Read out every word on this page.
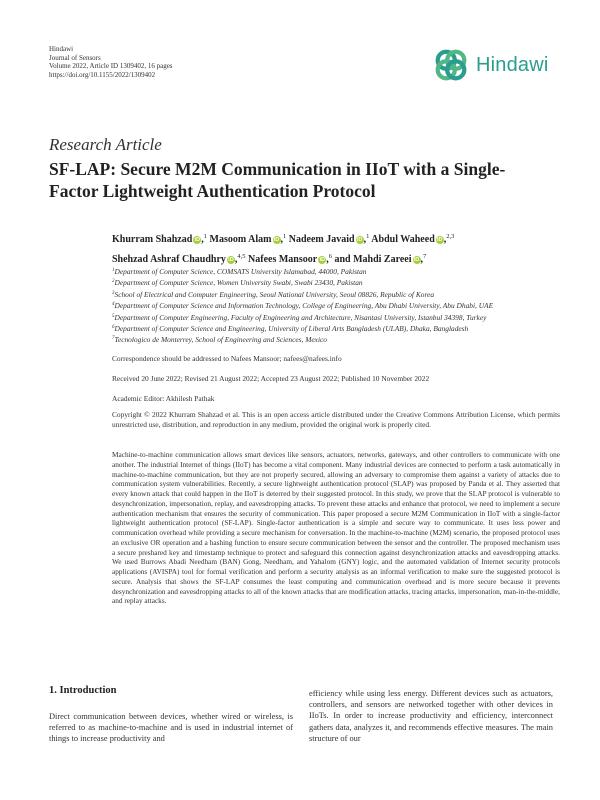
Hindawi
Journal of Sensors
Volume 2022, Article ID 1309402, 16 pages
https://doi.org/10.1155/2022/1309402	Hindawi
Research Article
SF-LAP: Secure M2M Communication in IIoT with a Single-Factor Lightweight Authentication Protocol
Khurram Shahzad iD,$^1$ Masoom Alam iD,$^1$ Nadeem Javaid iD,$^1$ Abdul Waheed iD,$^{2,3}$
Shehzad Ashraf Chaudhry iD,$^{4,5}$ Nafees Mansoor iD,$^6$ and Mahdi Zareei iD,$^7$
$^1$Department of Computer Science, COMSATS University Islamabad, 44000, Pakistan
$^2$Department of Computer Science, Women University Swabi, Swabi 23430, Pakistan
$^3$School of Electrical and Computer Engineering, Seoul National University, Seoul 08826, Republic of Korea
$^4$Department of Computer Science and Information Technology, College of Engineering, Abu Dhabi University, Abu Dhabi, UAE
$^5$Department of Computer Engineering, Faculty of Engineering and Architecture, Nisantasi University, Istanbul 34398, Turkey
$^6$Department of Computer Science and Engineering, University of Liberal Arts Bangladesh (ULAB), Dhaka, Bangladesh
$^7$Tecnologico de Monterrey, School of Engineering and Sciences, Mexico
Correspondence should be addressed to Nafees Mansoor; nafees@nafees.info
Received 20 June 2022; Revised 21 August 2022; Accepted 23 August 2022; Published 10 November 2022
Academic Editor: Akhilesh Pathak
Copyright © 2022 Khurram Shahzad et al. This is an open access article distributed under the Creative Commons Attribution License, which permits unrestricted use, distribution, and reproduction in any medium, provided the original work is properly cited.
Machine-to-machine communication allows smart devices like sensors, actuators, networks, gateways, and other controllers to communicate with one another. The industrial Internet of things (IIoT) has become a vital component. Many industrial devices are connected to perform a task automatically in machine-to-machine communication, but they are not properly secured, allowing an adversary to compromise them against a variety of attacks due to communication system vulnerabilities. Recently, a secure lightweight authentication protocol (SLAP) was proposed by Panda et al. They asserted that every known attack that could happen in the IIoT is deterred by their suggested protocol. In this study, we prove that the SLAP protocol is vulnerable to desynchronization, impersonation, replay, and eavesdropping attacks. To prevent these attacks and enhance that protocol, we need to implement a secure authentication mechanism that ensures the security of communication. This paper proposed a secure M2M Communication in IIoT with a single-factor lightweight authentication protocol (SF-LAP). Single-factor authentication is a simple and secure way to communicate. It uses less power and communication overhead while providing a secure mechanism for conversation. In the machine-to-machine (M2M) scenario, the proposed protocol uses an exclusive OR operation and a hashing function to ensure secure communication between the sensor and the controller. The proposed mechanism uses a secure preshared key and timestamp technique to protect and safeguard this connection against desynchronization attacks and eavesdropping attacks. We used Burrows Abadi Needham (BAN) Gong, Needham, and Yahalom (GNY) logic, and the automated validation of Internet security protocols applications (AVISPA) tool for formal verification and perform a security analysis as an informal verification to make sure the suggested protocol is secure. Analysis that shows the SF-LAP consumes the least computing and communication overhead and is more secure because it prevents desynchronization and eavesdropping attacks to all of the known attacks that are modification attacks, tracing attacks, impersonation, man-in-the-middle, and replay attacks.
1. Introduction
Direct communication between devices, whether wired or wireless, is referred to as machine-to-machine and is used in industrial internet of things to increase productivity and
efficiency while using less energy. Different devices such as actuators, controllers, and sensors are networked together with other devices in IIoTs. In order to increase productivity and efficiency, interconnect gathers data, analyzes it, and recommends effective measures. The main structure of our
